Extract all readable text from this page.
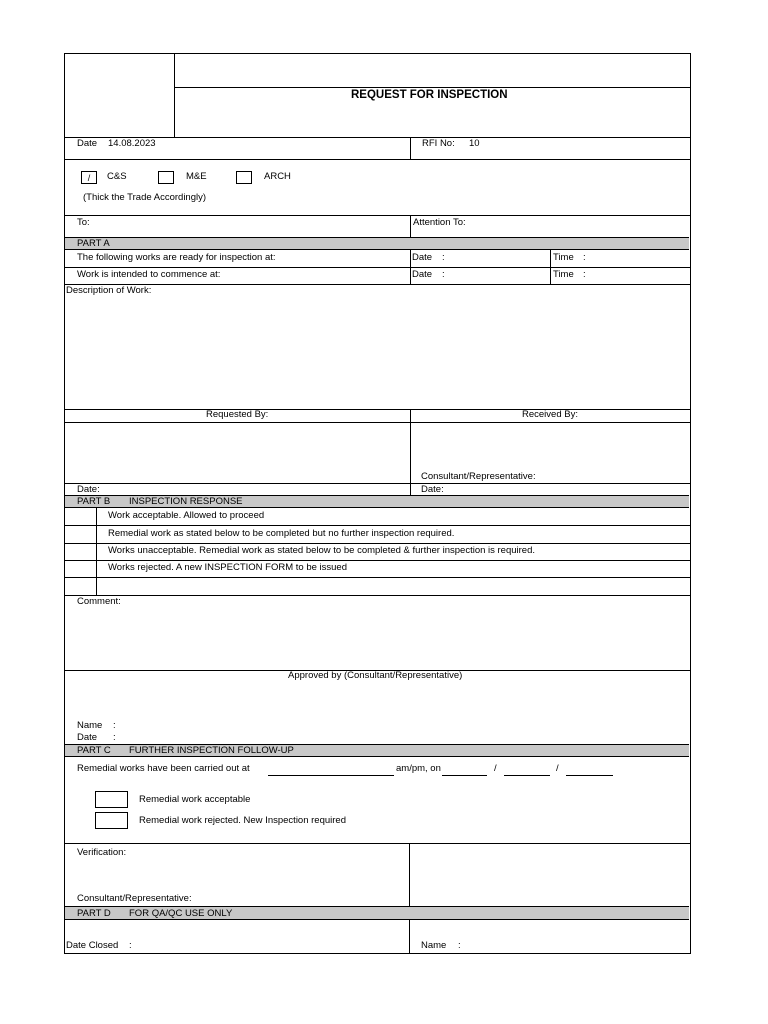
REQUEST FOR INSPECTION
Date 14.08.2023	RFI No: 10
/	C&S	M&E	ARCH
(Thick the Trade Accordingly)
To:	Attention To:
PART A
The following works are ready for inspection at:	Date :	Time :
Work is intended to commence at:	Date :	Time :
Description of Work:
Requested By:	Received By:
Consultant/Representative:
Date:	Date:
PART B INSPECTION RESPONSE
Work acceptable. Allowed to proceed
Remedial work as stated below to be completed but no further inspection required.
Works unacceptable. Remedial work as stated below to be completed & further inspection is required.
Works rejected. A new INSPECTION FORM to be issued
Comment:
Approved by (Consultant/Representative)
Name :
Date :
PART C FURTHER INSPECTION FOLLOW-UP
Remedial works have been carried out at	am/pm, on	/	/
Remedial work acceptable
Remedial work rejected. New Inspection required
Verification:
Consultant/Representative:
PART D FOR QA/QC USE ONLY
Date Closed :	Name :
